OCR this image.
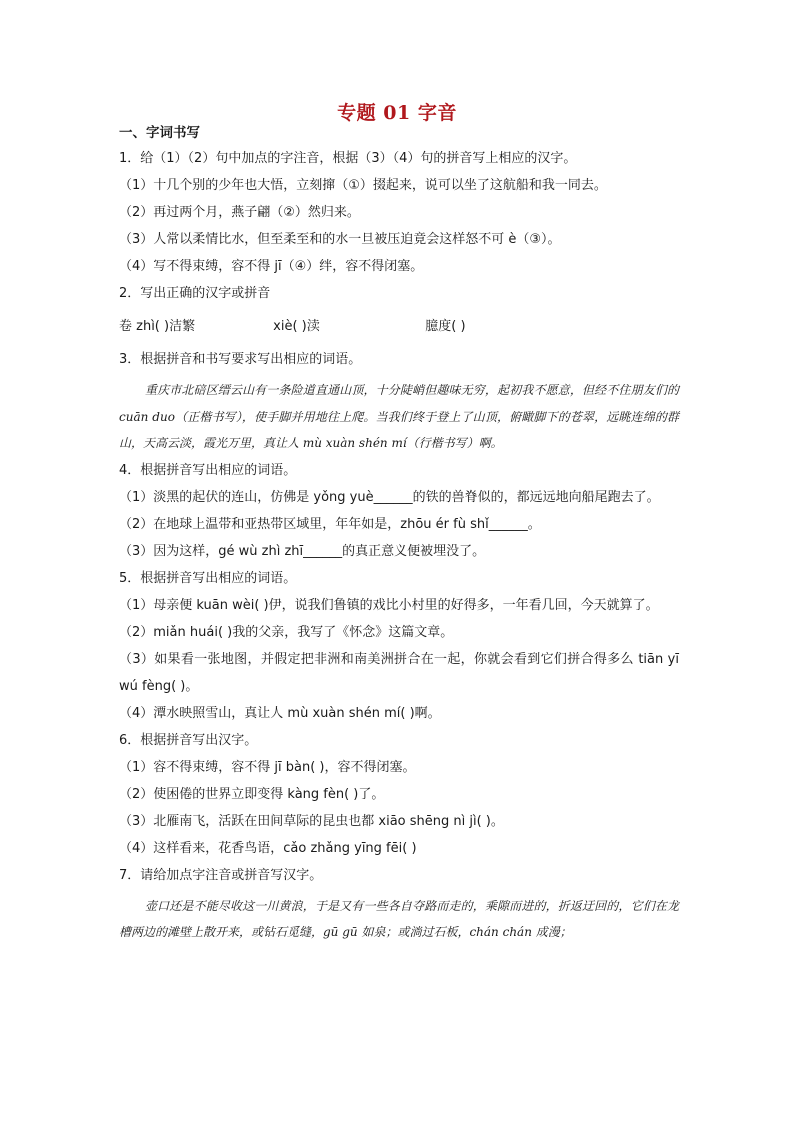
专题 01 字音
一、字词书写
1．给（1）（2）句中加点的字注音，根据（3）（4）句的拼音写上相应的汉字。
（1）十几个别的少年也大悟，立刻撺（①）掇起来，说可以坐了这航船和我一同去。
（2）再过两个月，燕子翩（②）然归来。
（3）人常以柔情比水，但至柔至和的水一旦被压迫竟会这样怒不可 è（③）。
（4）写不得束缚，容不得 jī（④）绊，容不得闭塞。
2．写出正确的汉字或拼音
卷 zhì( )洁繁	xiè( )渎	臆度( )
3．根据拼音和书写要求写出相应的词语。
重庆市北碚区缙云山有一条险道直通山顶，十分陡峭但趣味无穷，起初我不愿意，但经不住朋友们的 cuān duo（正楷书写），使手脚并用地往上爬。当我们终于登上了山顶，俯瞰脚下的苍翠，远眺连绵的群山，天高云淡，霞光万里，真让人 mù xuàn shén mí（行楷书写）啊。
4．根据拼音写出相应的词语。
（1）淡黑的起伏的连山，仿佛是 yǒng yuè______的铁的兽脊似的，都远远地向船尾跑去了。
（2）在地球上温带和亚热带区域里，年年如是，zhōu ér fù shǐ______。
（3）因为这样，gé wù zhì zhī______的真正意义便被埋没了。
5．根据拼音写出相应的词语。
（1）母亲便 kuān wèi( )伊，说我们鲁镇的戏比小村里的好得多，一年看几回，今天就算了。
（2）miǎn huái( )我的父亲，我写了《怀念》这篇文章。
（3）如果看一张地图，并假定把非洲和南美洲拼合在一起，你就会看到它们拼合得多么 tiān yī wú fèng( )。
（4）潭水映照雪山，真让人 mù xuàn shén mí( )啊。
6．根据拼音写出汉字。
（1）容不得束缚，容不得 jī bàn( )，容不得闭塞。
（2）使困倦的世界立即变得 kàng fèn( )了。
（3）北雁南飞，活跃在田间草际的昆虫也都 xiāo shēng nì jì( )。
（4）这样看来，花香鸟语，cǎo zhǎng yīng fēi( )
7．请给加点字注音或拼音写汉字。
壶口还是不能尽收这一川黄浪，于是又有一些各自夺路而走的，乘隙而进的，折返迂回的，它们在龙槽两边的滩壁上散开来，或钻石觅缝，gū gū 如泉；或淌过石板，chán chán 成漫；
